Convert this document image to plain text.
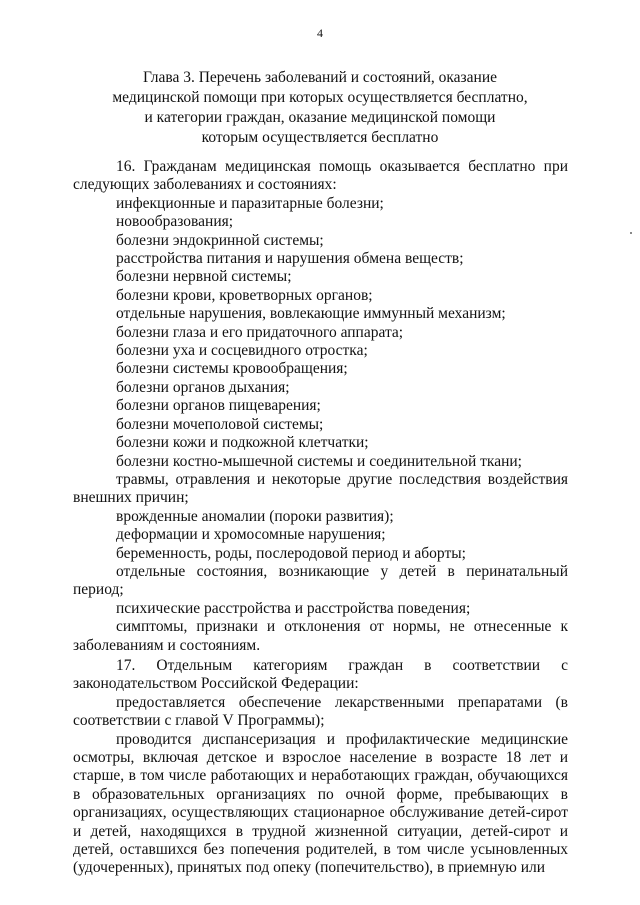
4
Глава 3. Перечень заболеваний и состояний, оказание
медицинской помощи при которых осуществляется бесплатно,
и категории граждан, оказание медицинской помощи
которым осуществляется бесплатно

16. Гражданам медицинская помощь оказывается бесплатно при следующих заболеваниях и состояниях:

инфекционные и паразитарные болезни;

новообразования;

болезни эндокринной системы;

расстройства питания и нарушения обмена веществ;

болезни нервной системы;

болезни крови, кроветворных органов;

отдельные нарушения, вовлекающие иммунный механизм;

болезни глаза и его придаточного аппарата;

болезни уха и сосцевидного отростка;

болезни системы кровообращения;

болезни органов дыхания;

болезни органов пищеварения;

болезни мочеполовой системы;

болезни кожи и подкожной клетчатки;

болезни костно-мышечной системы и соединительной ткани;

травмы, отравления и некоторые другие последствия воздействия внешних причин;

врожденные аномалии (пороки развития);

деформации и хромосомные нарушения;

беременность, роды, послеродовой период и аборты;

отдельные состояния, возникающие у детей в перинатальный период;

психические расстройства и расстройства поведения;

симптомы, признаки и отклонения от нормы, не отнесенные к заболеваниям и состояниям.

17. Отдельным категориям граждан в соответствии с законодательством Российской Федерации:

предоставляется обеспечение лекарственными препаратами (в соответствии с главой V Программы);

проводится диспансеризация и профилактические медицинские осмотры, включая детское и взрослое население в возрасте 18 лет и старше, в том числе работающих и неработающих граждан, обучающихся в образовательных организациях по очной форме, пребывающих в организациях, осуществляющих стационарное обслуживание детей-сирот и детей, находящихся в трудной жизненной ситуации, детей-сирот и детей, оставшихся без попечения родителей, в том числе усыновленных (удочеренных), принятых под опеку (попечительство), в приемную или
